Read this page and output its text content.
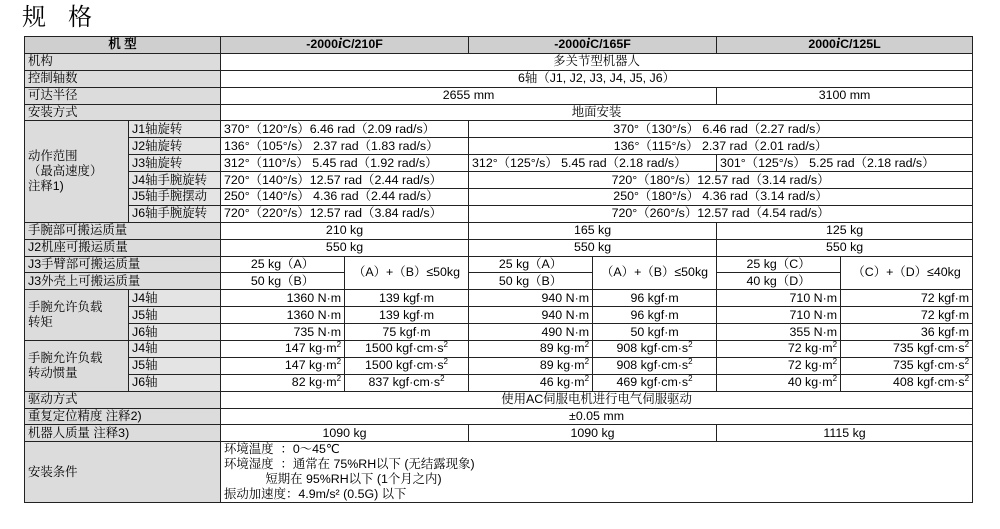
规 格
机 型		-2000iC/210F		-2000iC/165F		2000iC/125L	
机构		多关节型机器人					
控制轴数		6轴（J1, J2, J3, J4, J5, J6）					
可达半径		2655 mm				3100 mm	
安装方式		地面安装					
动作范围
（最高速度）
注释1)	J1轴旋转	370°（120°/s）6.46 rad（2.09 rad/s）		370°（130°/s） 6.46 rad（2.27 rad/s）			
	J2轴旋转	136°（105°/s） 2.37 rad（1.83 rad/s）		136°（115°/s） 2.37 rad（2.01 rad/s）			
	J3轴旋转	312°（110°/s） 5.45 rad（1.92 rad/s）		312°（125°/s） 5.45 rad（2.18 rad/s）		301°（125°/s） 5.25 rad（2.18 rad/s）	
	J4轴手腕旋转	720°（140°/s）12.57 rad（2.44 rad/s）		720°（180°/s）12.57 rad（3.14 rad/s）			
	J5轴手腕摆动	250°（140°/s） 4.36 rad（2.44 rad/s）		250°（180°/s） 4.36 rad（3.14 rad/s）			
	J6轴手腕旋转	720°（220°/s）12.57 rad（3.84 rad/s）		720°（260°/s）12.57 rad（4.54 rad/s）			
手腕部可搬运质量		210 kg		165 kg		125 kg	
J2机座可搬运质量		550 kg		550 kg		550 kg	
J3手臂部可搬运质量		25 kg（A）	（A）+（B）≤50kg	25 kg（A）	（A）+（B）≤50kg	25 kg（C）	（C）+（D）≤40kg
J3外壳上可搬运质量		50 kg（B）		50 kg（B）		40 kg（D）	
手腕允许负载
转矩	J4轴	1360 N·m	139 kgf·m	940 N·m	96 kgf·m	710 N·m	72 kgf·m
	J5轴	1360 N·m	139 kgf·m	940 N·m	96 kgf·m	710 N·m	72 kgf·m
	J6轴	735 N·m	75 kgf·m	490 N·m	50 kgf·m	355 N·m	36 kgf·m
手腕允许负载
转动惯量	J4轴	147 $kg\cdot m^2$	1500 $kgf\cdot cm\cdot s^2$	89 $kg\cdot m^2$	908 $kgf\cdot cm\cdot s^2$	72 $kg\cdot m^2$	735 $kgf\cdot cm\cdot s^2$
	J5轴	147 $kg\cdot m^2$	1500 $kgf\cdot cm\cdot s^2$	89 $kg\cdot m^2$	908 $kgf\cdot cm\cdot s^2$	72 $kg\cdot m^2$	735 $kgf\cdot cm\cdot s^2$
	J6轴	82 $kg\cdot m^2$	837 $kgf\cdot cm\cdot s^2$	46 $kg\cdot m^2$	469 $kgf\cdot cm\cdot s^2$	40 $kg\cdot m^2$	408 $kgf\cdot cm\cdot s^2$
驱动方式		使用AC伺服电机进行电气伺服驱动					
重复定位精度 注释2)		±0.05 mm					
机器人质量 注释3)		1090 kg		1090 kg		1115 kg	
安装条件		环境温度  ：0～45℃
环境湿度  ：通常在 75%RH以下 (无结露现象)
短期在 95%RH以下 (1个月之内)
振动加速度：4.9m/s² (0.5G) 以下					
